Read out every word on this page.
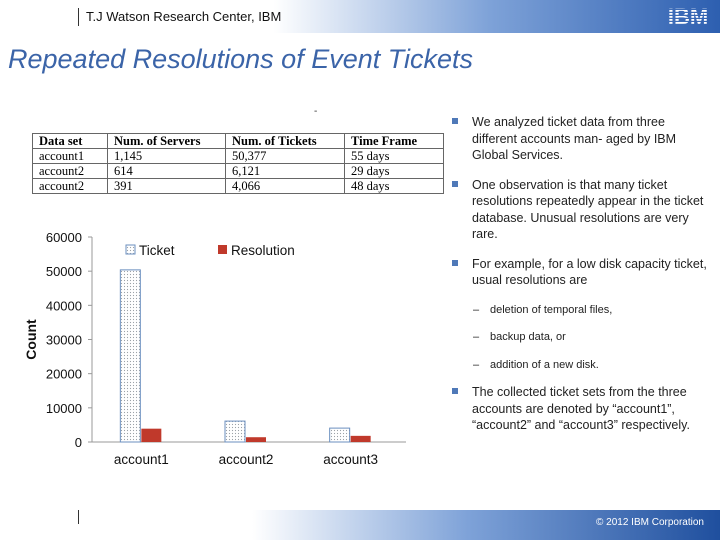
T.J Watson Research Center, IBM	IBM
Repeated Resolutions of Event Tickets
-
Data set	Num. of Servers	Num. of Tickets	Time Frame
account1	1,145	50,377	55 days
account2	614	6,121	29 days
account2	391	4,066	48 days
0
10000
20000
30000
40000
50000
60000
Count
account1	account2	account3
Ticket	Resolution
We analyzed ticket data from three different accounts man- aged by IBM Global Services.
One observation is that many ticket resolutions repeatedly appear in the ticket database. Unusual resolutions are very rare.
For example, for a low disk capacity ticket, usual resolutions are
– deletion of temporal files,
– backup data, or
– addition of a new disk.
The collected ticket sets from the three accounts are denoted by “account1”, “account2” and “account3” respectively.
© 2012 IBM Corporation
